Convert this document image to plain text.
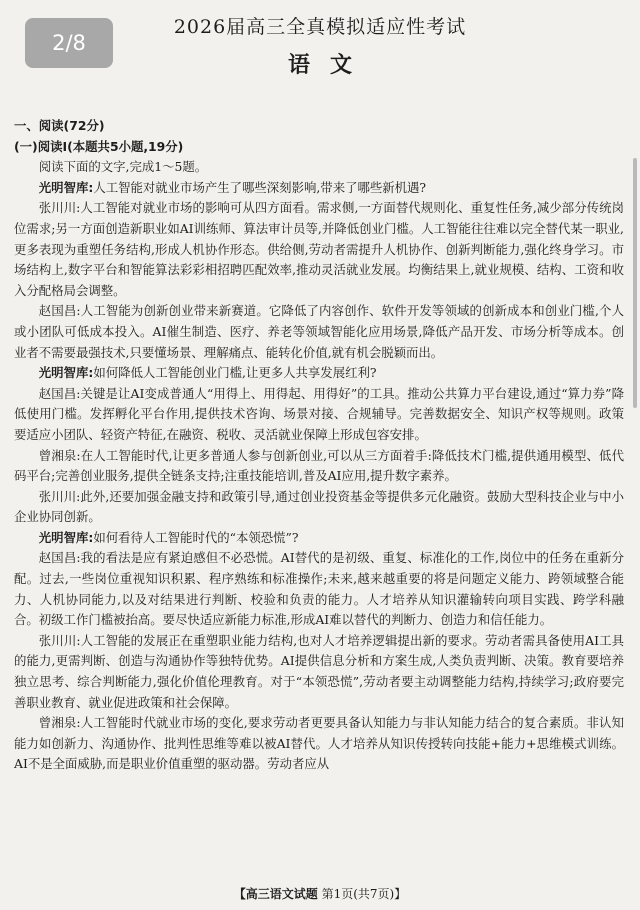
2/8
2026届高三全真模拟适应性考试
语文
一、阅读(72分)
(一)阅读Ⅰ(本题共5小题,19分)

阅读下面的文字,完成1～5题。

光明智库:人工智能对就业市场产生了哪些深刻影响,带来了哪些新机遇?

张川川:人工智能对就业市场的影响可从四方面看。需求侧,一方面替代规则化、重复性任务,减少部分传统岗位需求;另一方面创造新职业如AI训练师、算法审计员等,并降低创业门槛。人工智能往往难以完全替代某一职业,更多表现为重塑任务结构,形成人机协作形态。供给侧,劳动者需提升人机协作、创新判断能力,强化终身学习。市场结构上,数字平台和智能算法彩彩相招聘匹配效率,推动灵活就业发展。均衡结果上,就业规模、结构、工资和收入分配格局会调整。

赵国昌:人工智能为创新创业带来新赛道。它降低了内容创作、软件开发等领域的创新成本和创业门槛,个人或小团队可低成本投入。AI催生制造、医疗、养老等领域智能化应用场景,降低产品开发、市场分析等成本。创业者不需要最强技术,只要懂场景、理解痛点、能转化价值,就有机会脱颖而出。

光明智库:如何降低人工智能创业门槛,让更多人共享发展红利?

赵国昌:关键是让AI变成普通人“用得上、用得起、用得好”的工具。推动公共算力平台建设,通过“算力券”降低使用门槛。发挥孵化平台作用,提供技术咨询、场景对接、合规辅导。完善数据安全、知识产权等规则。政策要适应小团队、轻资产特征,在融资、税收、灵活就业保障上形成包容安排。

曾湘泉:在人工智能时代,让更多普通人参与创新创业,可以从三方面着手:降低技术门槛,提供通用模型、低代码平台;完善创业服务,提供全链条支持;注重技能培训,普及AI应用,提升数字素养。

张川川:此外,还要加强金融支持和政策引导,通过创业投资基金等提供多元化融资。鼓励大型科技企业与中小企业协同创新。

光明智库:如何看待人工智能时代的“本领恐慌”?

赵国昌:我的看法是应有紧迫感但不必恐慌。AI替代的是初级、重复、标准化的工作,岗位中的任务在重新分配。过去,一些岗位重视知识积累、程序熟练和标准操作;未来,越来越重要的将是问题定义能力、跨领域整合能力、人机协同能力,以及对结果进行判断、校验和负责的能力。人才培养从知识灌输转向项目实践、跨学科融合。初级工作门槛被抬高。要尽快适应新能力标准,形成AI难以替代的判断力、创造力和信任能力。

张川川:人工智能的发展正在重塑职业能力结构,也对人才培养逻辑提出新的要求。劳动者需具备使用AI工具的能力,更需判断、创造与沟通协作等独特优势。AI提供信息分析和方案生成,人类负责判断、决策。教育要培养独立思考、综合判断能力,强化价值伦理教育。对于“本领恐慌”,劳动者要主动调整能力结构,持续学习;政府要完善职业教育、就业促进政策和社会保障。

曾湘泉:人工智能时代就业市场的变化,要求劳动者更要具备认知能力与非认知能力结合的复合素质。非认知能力如创新力、沟通协作、批判性思维等难以被AI替代。人才培养从知识传授转向技能+能力+思维模式训练。AI不是全面威胁,而是职业价值重塑的驱动器。劳动者应从

【高三语文试题 第1页(共7页)】
